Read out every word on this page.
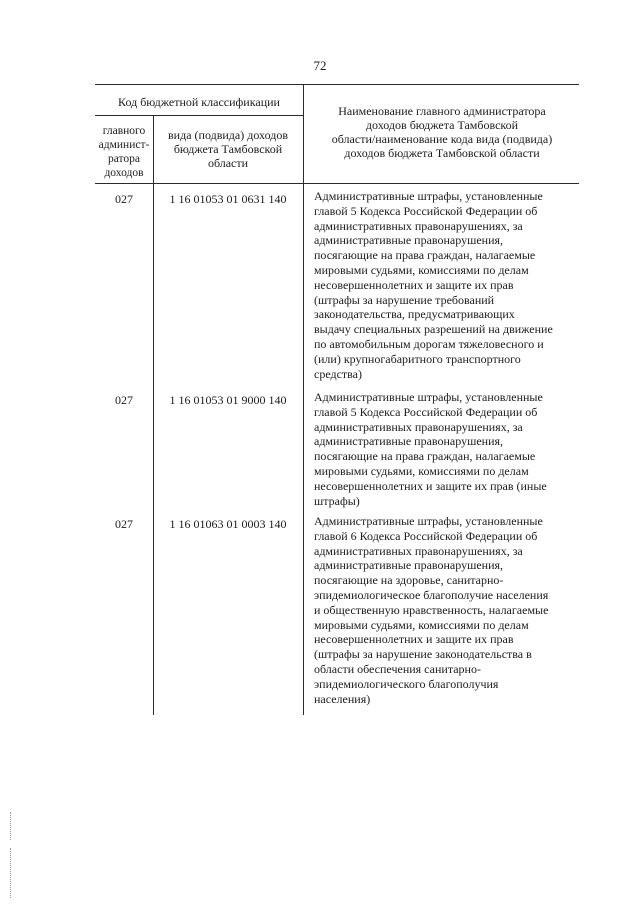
72
Код бюджетной классификации
главного
админист-
ратора
доходов
вида (подвида) доходов
бюджета Тамбовской
области
Наименование главного администратора
доходов бюджета Тамбовской
области/наименование кода вида (подвида)
доходов бюджета Тамбовской области
027	1 16 01053 01 0631 140	Административные штрафы, установленные
главой 5 Кодекса Российской Федерации об
административных правонарушениях, за
административные правонарушения,
посягающие на права граждан, налагаемые
мировыми судьями, комиссиями по делам
несовершеннолетних и защите их прав
(штрафы за нарушение требований
законодательства, предусматривающих
выдачу специальных разрешений на движение
по автомобильным дорогам тяжеловесного и
(или) крупногабаритного транспортного
средства)
027	1 16 01053 01 9000 140	Административные штрафы, установленные
главой 5 Кодекса Российской Федерации об
административных правонарушениях, за
административные правонарушения,
посягающие на права граждан, налагаемые
мировыми судьями, комиссиями по делам
несовершеннолетних и защите их прав (иные
штрафы)
027	1 16 01063 01 0003 140	Административные штрафы, установленные
главой 6 Кодекса Российской Федерации об
административных правонарушениях, за
административные правонарушения,
посягающие на здоровье, санитарно-
эпидемиологическое благополучие населения
и общественную нравственность, налагаемые
мировыми судьями, комиссиями по делам
несовершеннолетних и защите их прав
(штрафы за нарушение законодательства в
области обеспечения санитарно-
эпидемиологического благополучия
населения)
